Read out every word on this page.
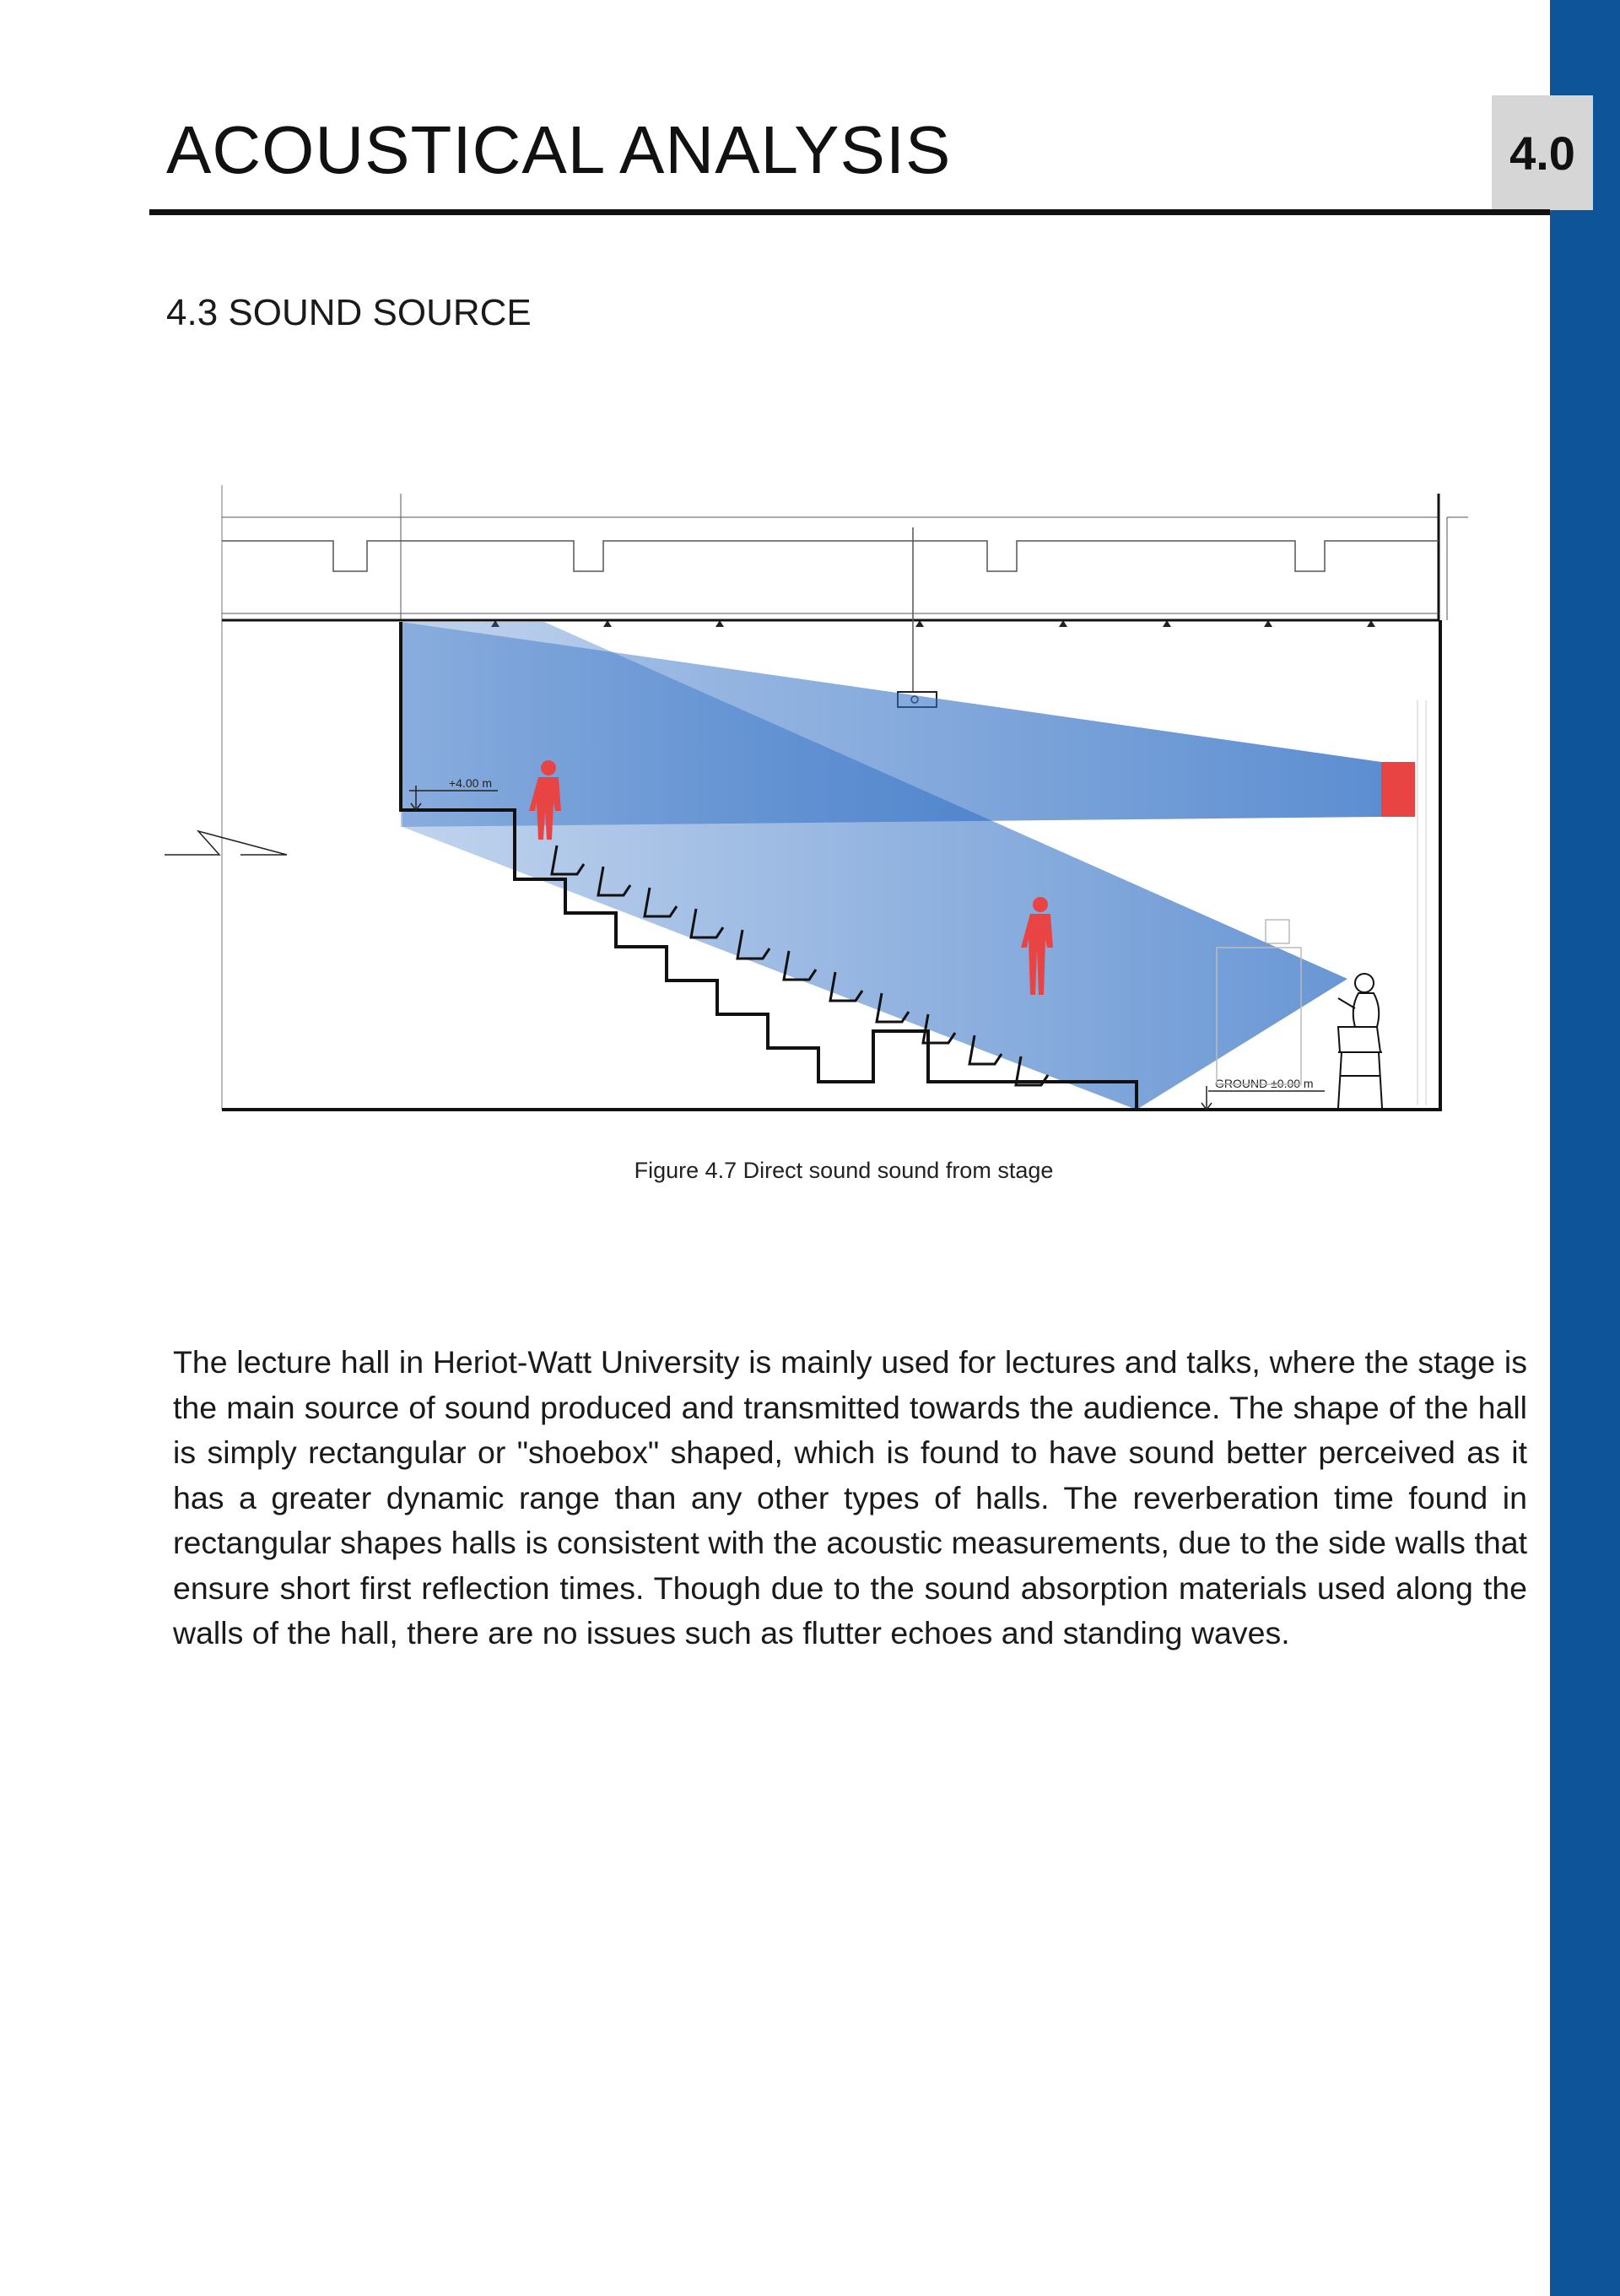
4.0
ACOUSTICAL ANALYSIS
4.3 SOUND SOURCE
+4.00 m
GROUND ±0.00 m
Figure 4.7 Direct sound sound from stage
The lecture hall in Heriot-Watt University is mainly used for lectures and talks, where the stage is the main source of sound produced and transmitted towards the audience. The shape of the hall is simply rectangular or "shoebox" shaped, which is found to have sound better perceived as it has a greater dynamic range than any other types of halls. The reverberation time found in rectangular shapes halls is consistent with the acoustic measurements, due to the side walls that ensure short first reflection times. Though due to the sound absorption materials used along the walls of the hall, there are no issues such as flutter echoes and standing waves.
